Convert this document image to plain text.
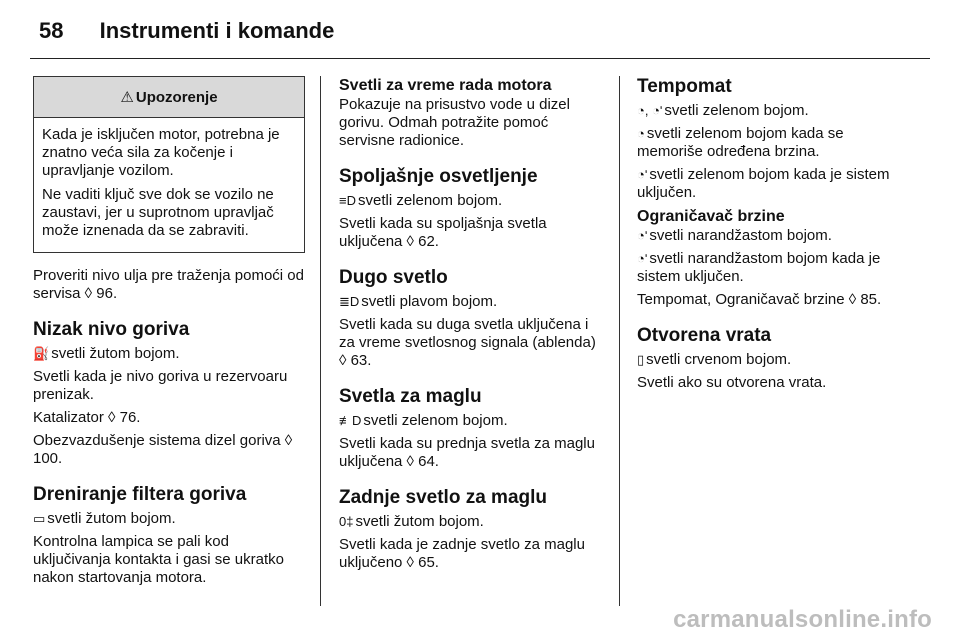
58 Instrumenti i komande
⚠ Upozorenje

Kada je isključen motor, potrebna je znatno veća sila za kočenje i upravljanje vozilom.

Ne vaditi ključ sve dok se vozilo ne zaustavi, jer u suprotnom upravljač može iznenada da se zabraviti.

Proveriti nivo ulja pre traženja pomoći od servisa ◊ 96.

Nizak nivo goriva

⛽ svetli žutom bojom.

Svetli kada je nivo goriva u rezervoaru prenizak.

Katalizator ◊ 76.

Obezvazdušenje sistema dizel goriva ◊ 100.

Dreniranje filtera goriva

▭ svetli žutom bojom.

Kontrolna lampica se pali kod uključivanja kontakta i gasi se ukratko nakon startovanja motora.

Svetli za vreme rada motora

Pokazuje na prisustvo vode u dizel gorivu. Odmah potražite pomoć servisne radionice.

Spoljašnje osvetljenje

≡D svetli zelenom bojom.

Svetli kada su spoljašnja svetla uključena ◊ 62.

Dugo svetlo

≣D svetli plavom bojom.

Svetli kada su duga svetla uključena i za vreme svetlosnog signala (ablenda) ◊ 63.

Svetla za maglu

≢D svetli zelenom bojom.

Svetli kada su prednja svetla za maglu uključena ◊ 64.

Zadnje svetlo za maglu

0‡ svetli žutom bojom.

Svetli kada je zadnje svetlo za maglu uključeno ◊ 65.

Tempomat

◔, ◔ʹ svetli zelenom bojom.

◔ svetli zelenom bojom kada se memoriše određena brzina.

◔ʹ svetli zelenom bojom kada je sistem uključen.

Ograničavač brzine

◔ʹ svetli narandžastom bojom.

◔ʹ svetli narandžastom bojom kada je sistem uključen.

Tempomat, Ograničavač brzine ◊ 85.

Otvorena vrata

▯ svetli crvenom bojom.

Svetli ako su otvorena vrata.

carmanualsonline.info
